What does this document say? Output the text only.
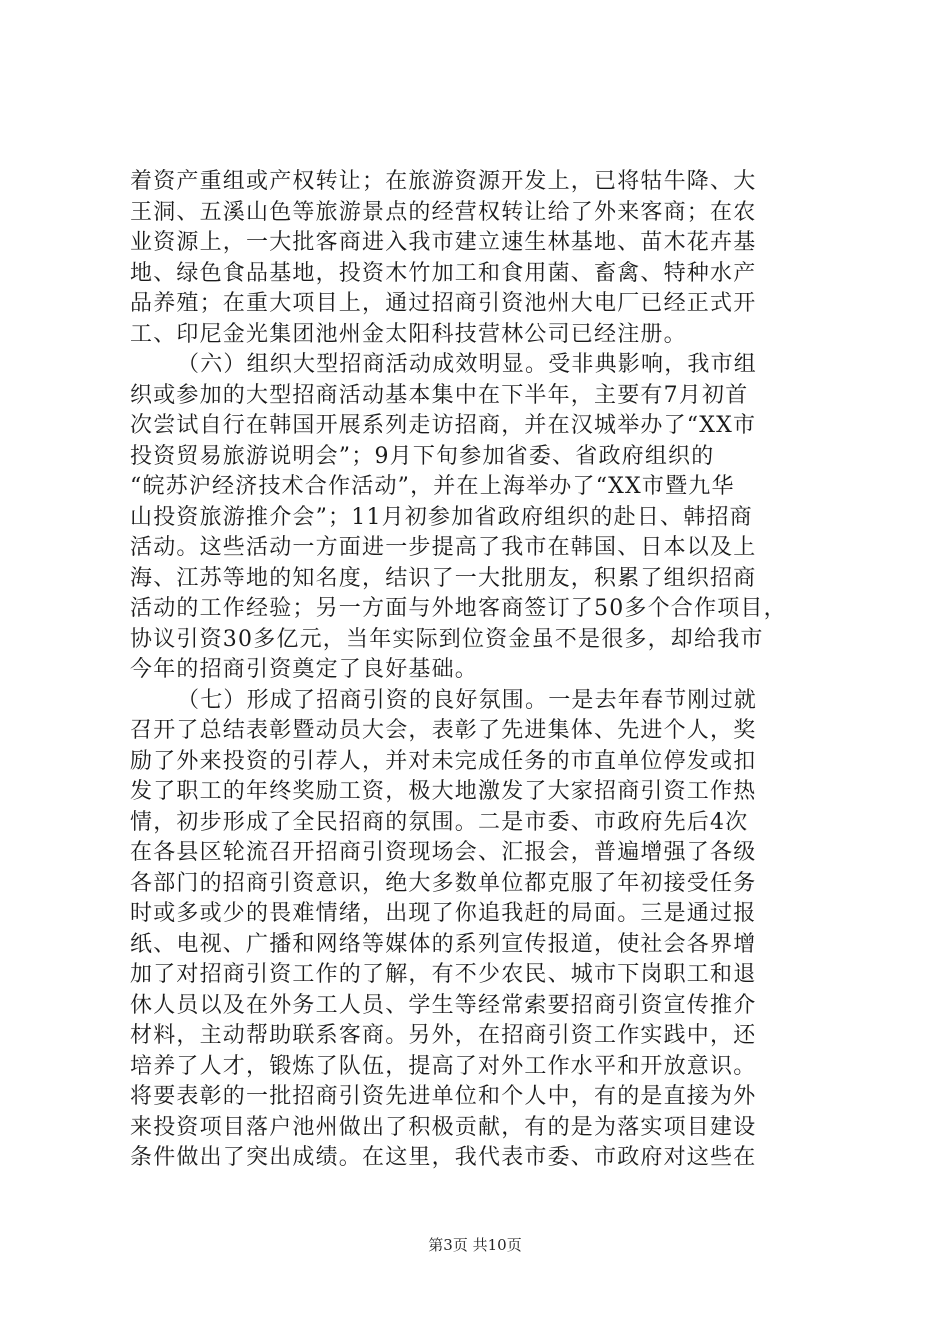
着资产重组或产权转让；在旅游资源开发上，已将牯牛降、大
王洞、五溪山色等旅游景点的经营权转让给了外来客商；在农
业资源上，一大批客商进入我市建立速生林基地、苗木花卉基
地、绿色食品基地，投资木竹加工和食用菌、畜禽、特种水产
品养殖；在重大项目上，通过招商引资池州大电厂已经正式开
工、印尼金光集团池州金太阳科技营林公司已经注册。
（六）组织大型招商活动成效明显。受非典影响，我市组
织或参加的大型招商活动基本集中在下半年，主要有7月初首
次尝试自行在韩国开展系列走访招商，并在汉城举办了“XX市
投资贸易旅游说明会”；9月下旬参加省委、省政府组织的
“皖苏沪经济技术合作活动”，并在上海举办了“XX市暨九华
山投资旅游推介会”；11月初参加省政府组织的赴日、韩招商
活动。这些活动一方面进一步提高了我市在韩国、日本以及上
海、江苏等地的知名度，结识了一大批朋友，积累了组织招商
活动的工作经验；另一方面与外地客商签订了50多个合作项目，
协议引资30多亿元，当年实际到位资金虽不是很多，却给我市
今年的招商引资奠定了良好基础。
（七）形成了招商引资的良好氛围。一是去年春节刚过就
召开了总结表彰暨动员大会，表彰了先进集体、先进个人，奖
励了外来投资的引荐人，并对未完成任务的市直单位停发或扣
发了职工的年终奖励工资，极大地激发了大家招商引资工作热
情，初步形成了全民招商的氛围。二是市委、市政府先后4次
在各县区轮流召开招商引资现场会、汇报会，普遍增强了各级
各部门的招商引资意识，绝大多数单位都克服了年初接受任务
时或多或少的畏难情绪，出现了你追我赶的局面。三是通过报
纸、电视、广播和网络等媒体的系列宣传报道，使社会各界增
加了对招商引资工作的了解，有不少农民、城市下岗职工和退
休人员以及在外务工人员、学生等经常索要招商引资宣传推介
材料，主动帮助联系客商。另外，在招商引资工作实践中，还
培养了人才，锻炼了队伍，提高了对外工作水平和开放意识。
将要表彰的一批招商引资先进单位和个人中，有的是直接为外
来投资项目落户池州做出了积极贡献，有的是为落实项目建设
条件做出了突出成绩。在这里，我代表市委、市政府对这些在
第3页 共10页
